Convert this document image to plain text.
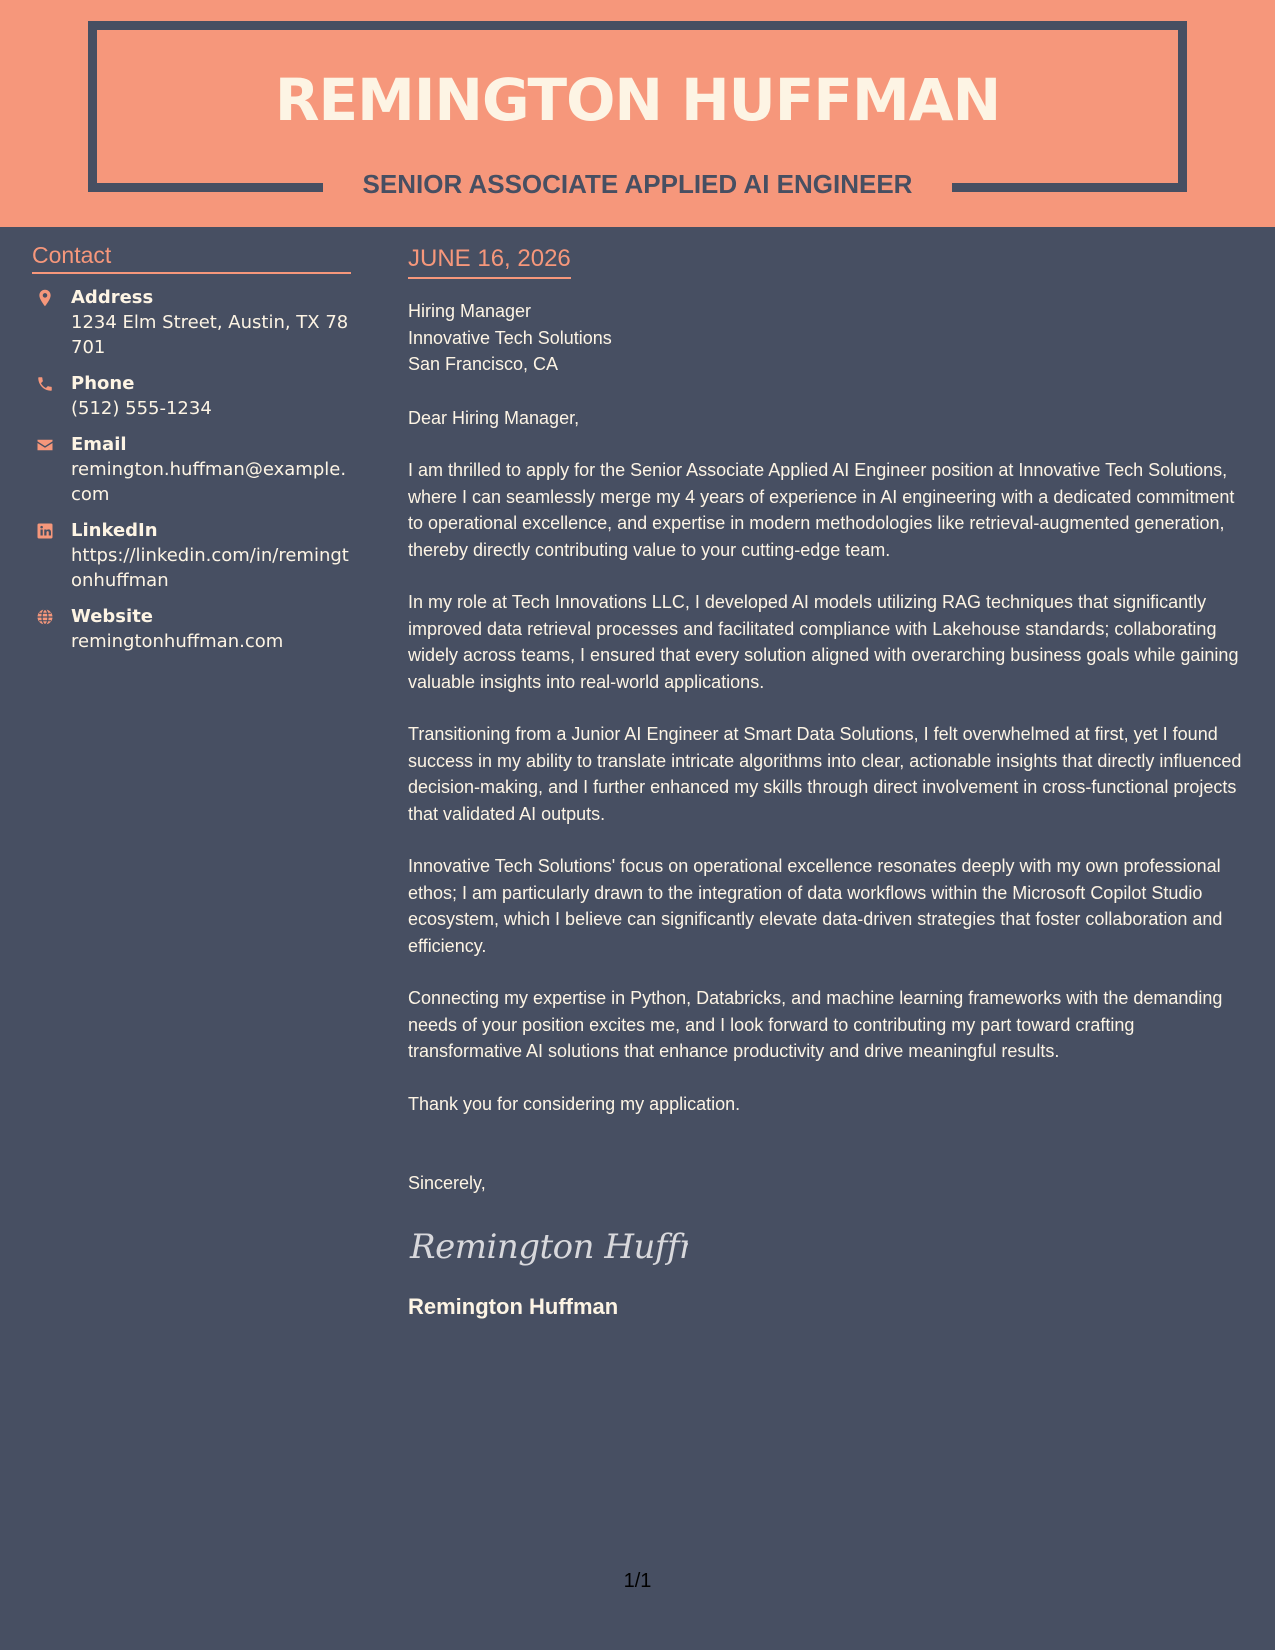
REMINGTON HUFFMAN
SENIOR ASSOCIATE APPLIED AI ENGINEER
Contact
Address
1234 Elm Street, Austin, TX 78701
Phone
(512) 555-1234
Email
remington.huffman@example.com
LinkedIn
https://linkedin.com/in/remingtonhuffman
Website
remingtonhuffman.com
JUNE 16, 2026
Hiring Manager
Innovative Tech Solutions
San Francisco, CA
Dear Hiring Manager,
I am thrilled to apply for the Senior Associate Applied AI Engineer position at Innovative Tech Solutions, where I can seamlessly merge my 4 years of experience in AI engineering with a dedicated commitment to operational excellence, and expertise in modern methodologies like retrieval-augmented generation, thereby directly contributing value to your cutting-edge team.
In my role at Tech Innovations LLC, I developed AI models utilizing RAG techniques that significantly improved data retrieval processes and facilitated compliance with Lakehouse standards; collaborating widely across teams, I ensured that every solution aligned with overarching business goals while gaining valuable insights into real-world applications.
Transitioning from a Junior AI Engineer at Smart Data Solutions, I felt overwhelmed at first, yet I found success in my ability to translate intricate algorithms into clear, actionable insights that directly influenced decision-making, and I further enhanced my skills through direct involvement in cross-functional projects that validated AI outputs.
Innovative Tech Solutions' focus on operational excellence resonates deeply with my own professional ethos; I am particularly drawn to the integration of data workflows within the Microsoft Copilot Studio ecosystem, which I believe can significantly elevate data-driven strategies that foster collaboration and efficiency.
Connecting my expertise in Python, Databricks, and machine learning frameworks with the demanding needs of your position excites me, and I look forward to contributing my part toward crafting transformative AI solutions that enhance productivity and drive meaningful results.
Thank you for considering my application.
Sincerely,
Remington Huffm
Remington Huffman
1/1
